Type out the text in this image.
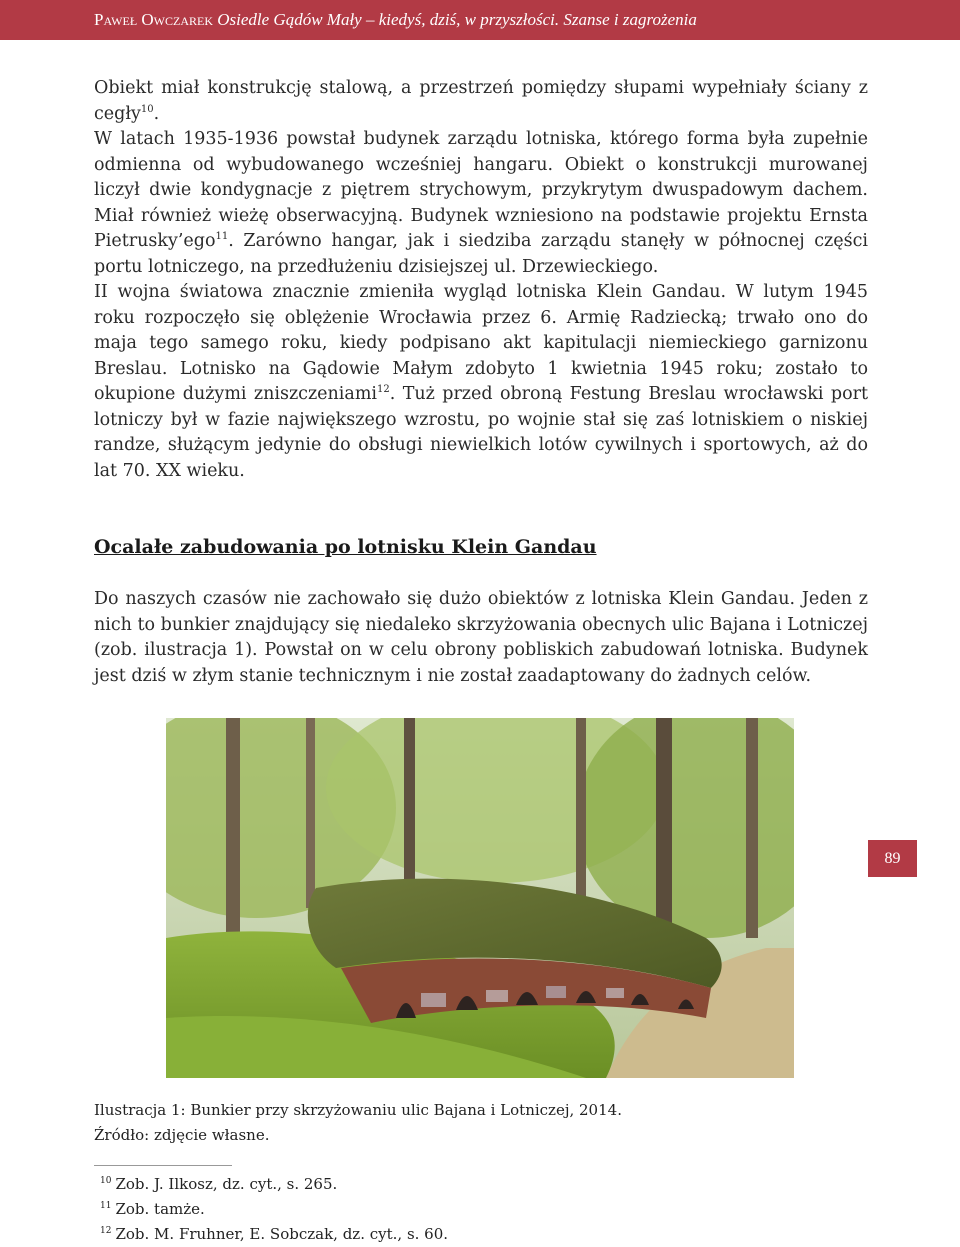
Paweł Owczarek Osiedle Gądów Mały – kiedyś, dziś, w przyszłości. Szanse i zagrożenia

Obiekt miał konstrukcję stalową, a przestrzeń pomiędzy słupami wypełniały ściany z cegły$^{10}$.

W latach 1935-1936 powstał budynek zarządu lotniska, którego forma była zupełnie odmienna od wybudowanego wcześniej hangaru. Obiekt o konstrukcji murowanej liczył dwie kondygnacje z piętrem strychowym, przykrytym dwuspadowym dachem. Miał również wieżę obserwacyjną. Budynek wzniesiono na podstawie projektu Ernsta Pietrusky’ego$^{11}$. Zarówno hangar, jak i siedziba zarządu stanęły w północnej części portu lotniczego, na przedłużeniu dzisiejszej ul. Drzewieckiego.

II wojna światowa znacznie zmieniła wygląd lotniska Klein Gandau. W lutym 1945 roku rozpoczęło się oblężenie Wrocławia przez 6. Armię Radziecką; trwało ono do maja tego samego roku, kiedy podpisano akt kapitulacji niemieckiego garnizonu Breslau. Lotnisko na Gądowie Małym zdobyto 1 kwietnia 1945 roku; zostało to okupione dużymi zniszczeniami$^{12}$. Tuż przed obroną Festung Breslau wrocławski port lotniczy był w fazie największego wzrostu, po wojnie stał się zaś lotniskiem o niskiej randze, służącym jedynie do obsługi niewielkich lotów cywilnych i sportowych, aż do lat 70. XX wieku.

Ocalałe zabudowania po lotnisku Klein Gandau

Do naszych czasów nie zachowało się dużo obiektów z lotniska Klein Gandau. Jeden z nich to bunkier znajdujący się niedaleko skrzyżowania obecnych ulic Bajana i Lotniczej (zob. ilustracja 1). Powstał on w celu obrony pobliskich zabudowań lotniska. Budynek jest dziś w złym stanie technicznym i nie został zaadaptowany do żadnych celów.

Ilustracja 1: Bunkier przy skrzyżowaniu ulic Bajana i Lotniczej, 2014.
Źródło: zdjęcie własne.
$^{10}$ Zob. J. Ilkosz, dz. cyt., s. 265.
$^{11}$ Zob. tamże.
$^{12}$ Zob. M. Fruhner, E. Sobczak, dz. cyt., s. 60.
89
